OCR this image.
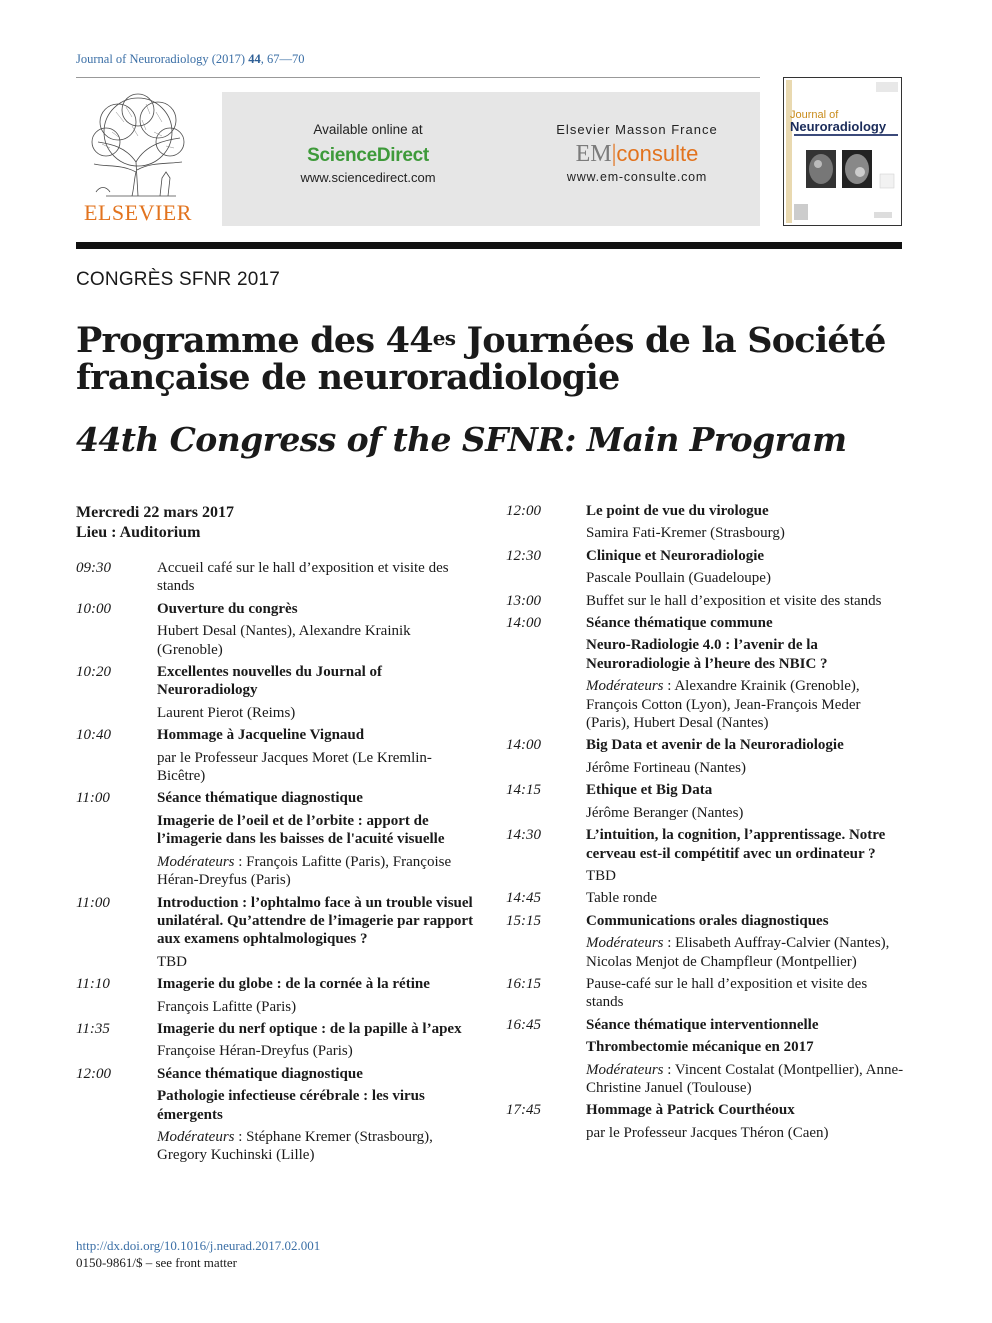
Journal of Neuroradiology (2017) 44, 67—70
ELSEVIER
Available online at
ScienceDirect
www.sciencedirect.com
Elsevier Masson France
EM|consulte
www.em-consulte.com
Journal of
Neuroradiology
CONGRÈS SFNR 2017
Programme des $44^{es}$ Journées de la Société française de neuroradiologie
44th Congress of the SFNR: Main Program
Mercredi 22 mars 2017
Lieu : Auditorium
09:30	Accueil café sur le hall d’exposition et visite des stands
10:00	Ouverture du congrès
Hubert Desal (Nantes), Alexandre Krainik (Grenoble)
10:20	Excellentes nouvelles du Journal of Neuroradiology
Laurent Pierot (Reims)
10:40	Hommage à Jacqueline Vignaud
par le Professeur Jacques Moret (Le Kremlin-Bicêtre)
11:00	Séance thématique diagnostique
Imagerie de l’oeil et de l’orbite : apport de l’imagerie dans les baisses de l'acuité visuelle
Modérateurs : François Lafitte (Paris), Françoise Héran-Dreyfus (Paris)
11:00	Introduction : l’ophtalmo face à un trouble visuel unilatéral. Qu’attendre de l’imagerie par rapport aux examens ophtalmologiques ?
TBD
11:10	Imagerie du globe : de la cornée à la rétine
François Lafitte (Paris)
11:35	Imagerie du nerf optique : de la papille à l’apex
Françoise Héran-Dreyfus (Paris)
12:00	Séance thématique diagnostique
Pathologie infectieuse cérébrale : les virus émergents
Modérateurs : Stéphane Kremer (Strasbourg), Gregory Kuchinski (Lille)
12:00	Le point de vue du virologue
Samira Fati-Kremer (Strasbourg)
12:30	Clinique et Neuroradiologie
Pascale Poullain (Guadeloupe)
13:00	Buffet sur le hall d’exposition et visite des stands
14:00	Séance thématique commune
Neuro-Radiologie 4.0 : l’avenir de la Neuroradiologie à l’heure des NBIC ?
Modérateurs : Alexandre Krainik (Grenoble), François Cotton (Lyon), Jean-François Meder (Paris), Hubert Desal (Nantes)
14:00	Big Data et avenir de la Neuroradiologie
Jérôme Fortineau (Nantes)
14:15	Ethique et Big Data
Jérôme Beranger (Nantes)
14:30	L’intuition, la cognition, l’apprentissage. Notre cerveau est-il compétitif avec un ordinateur ?
TBD
14:45	Table ronde
15:15	Communications orales diagnostiques
Modérateurs : Elisabeth Auffray-Calvier (Nantes), Nicolas Menjot de Champfleur (Montpellier)
16:15	Pause-café sur le hall d’exposition et visite des stands
16:45	Séance thématique interventionnelle
Thrombectomie mécanique en 2017
Modérateurs : Vincent Costalat (Montpellier), Anne-Christine Januel (Toulouse)
17:45	Hommage à Patrick Courthéoux
par le Professeur Jacques Théron (Caen)
http://dx.doi.org/10.1016/j.neurad.2017.02.001
0150-9861/$ – see front matter
